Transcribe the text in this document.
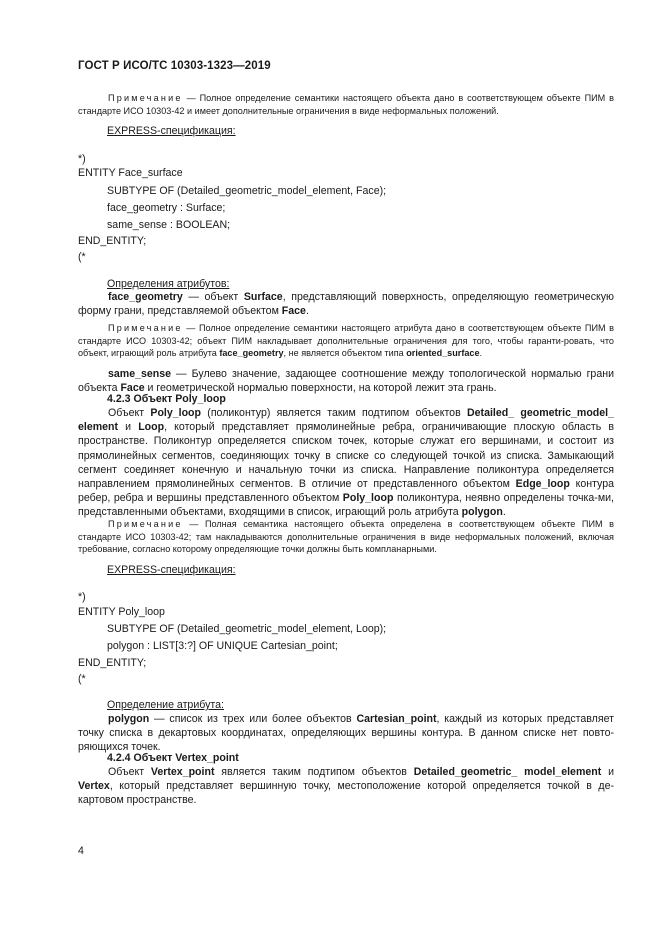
ГОСТ Р ИСО/ТС 10303-1323—2019

Примечание — Полное определение семантики настоящего объекта дано в соответствующем объекте ПИМ в стандарте ИСО 10303-42 и имеет дополнительные ограничения в виде неформальных положений.

EXPRESS-спецификация:
*)
ENTITY Face_surface
SUBTYPE OF (Detailed_geometric_model_element, Face);
face_geometry : Surface;
same_sense : BOOLEAN;
END_ENTITY;
(*
Определения атрибутов:

face_geometry — объект Surface, представляющий поверхность, определяющую геометрическую форму грани, представляемой объектом Face.

Примечание — Полное определение семантики настоящего атрибута дано в соответствующем объекте ПИМ в стандарте ИСО 10303-42; объект ПИМ накладывает дополнительные ограничения для того, чтобы гаранти-ровать, что объект, играющий роль атрибута face_geometry, не является объектом типа oriented_surface.

same_sense — Булево значение, задающее соотношение между топологической нормалью грани объекта Face и геометрической нормалью поверхности, на которой лежит эта грань.

4.2.3 Объект Poly_loop

Объект Poly_loop (поликонтур) является таким подтипом объектов Detailed_ geometric_model_ element и Loop, который представляет прямолинейные ребра, ограничивающие плоскую область в пространстве. Поликонтур определяется списком точек, которые служат его вершинами, и состоит из прямолинейных сегментов, соединяющих точку в списке со следующей точкой из списка. Замыкающий сегмент соединяет конечную и начальную точки из списка. Направление поликонтура определяется направлением прямолинейных сегментов. В отличие от представленного объектом Edge_loop контура ребер, ребра и вершины представленного объектом Poly_loop поликонтура, неявно определены точка-ми, представленными объектами, входящими в список, играющий роль атрибута polygon.

Примечание — Полная семантика настоящего объекта определена в соответствующем объекте ПИМ в стандарте ИСО 10303-42; там накладываются дополнительные ограничения в виде неформальных положений, включая требование, согласно которому определяющие точки должны быть компланарными.

EXPRESS-спецификация:
*)
ENTITY Poly_loop
SUBTYPE OF (Detailed_geometric_model_element, Loop);
polygon : LIST[3:?] OF UNIQUE Cartesian_point;
END_ENTITY;
(*
Определение атрибута:

polygon — список из трех или более объектов Cartesian_point, каждый из которых представляет точку списка в декартовых координатах, определяющих вершины контура. В данном списке нет повто-ряющихся точек.

4.2.4 Объект Vertex_point

Объект Vertex_point является таким подтипом объектов Detailed_geometric_ model_element и Vertex, который представляет вершинную точку, местоположение которой определяется точкой в де-картовом пространстве.

4
